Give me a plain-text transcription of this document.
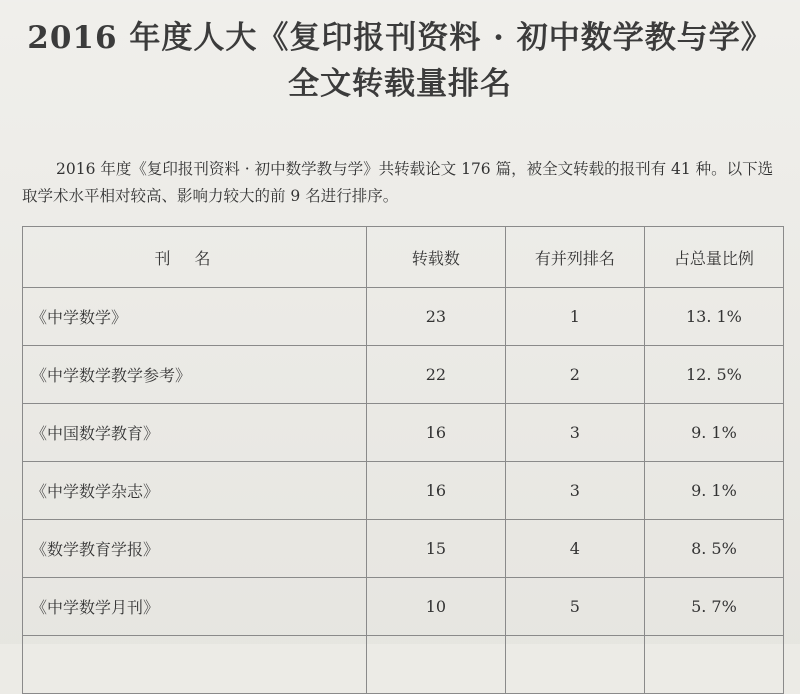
2016 年度人大《复印报刊资料 · 初中数学教与学》
全文转载量排名

2016 年度《复印报刊资料 · 初中数学教与学》共转载论文 176 篇，被全文转载的报刊有 41 种。以下选取学术水平相对较高、影响力较大的前 9 名进行排序。

刊名	转载数	有并列排名	占总量比例
《中学数学》	23	1	13. 1%
《中学数学教学参考》	22	2	12. 5%
《中国数学教育》	16	3	9. 1%
《中学数学杂志》	16	3	9. 1%
《数学教育学报》	15	4	8. 5%
《中学数学月刊》	10	5	5. 7%
